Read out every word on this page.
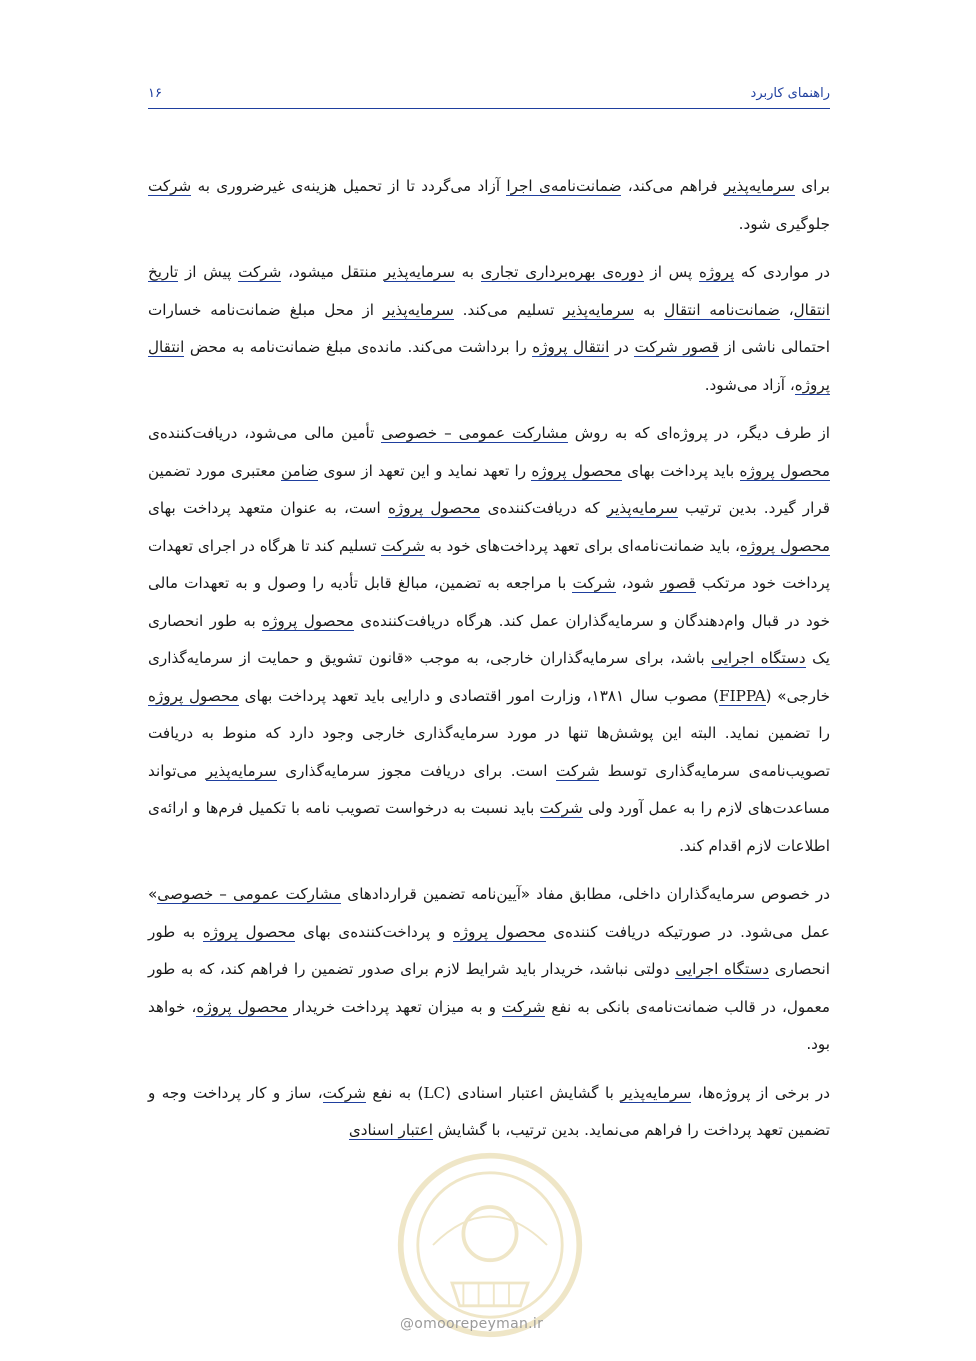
راهنمای کاربرد
۱۶

برای سرمایه‌پذیر فراهم می‌کند، ضمانت‌نامه‌ی اجرا آزاد می‌گردد تا از تحمیل هزینه‌ی غیرضروری به شرکت جلوگیری شود.

در مواردی که پروژه پس از دوره‌ی بهره‌برداری تجاری به سرمایه‌پذیر منتقل میشود، شرکت پیش از تاریخ انتقال، ضمانت‌نامه انتقال به سرمایه‌پذیر تسلیم می‌کند. سرمایه‌پذیر از محل مبلغ ضمانت‌نامه خسارات احتمالی ناشی از قصور شرکت در انتقال پروژه را برداشت می‌کند. مانده‌ی مبلغ ضمانت‌نامه به محض انتقال پروژه، آزاد می‌شود.

از طرف دیگر، در پروژه‌ای که به روش مشارکت عمومی – خصوصی تأمین مالی می‌شود، دریافت‌کننده‌ی محصول پروژه باید پرداخت بهای محصول پروژه را تعهد نماید و این تعهد از سوی ضامن معتبری مورد تضمین قرار گیرد. بدین ترتیب سرمایه‌پذیر که دریافت‌کننده‌ی محصول پروژه است، به عنوان متعهد پرداخت بهای محصول پروژه، باید ضمانت‌نامه‌ای برای تعهد پرداخت‌های خود به شرکت تسلیم کند تا هرگاه در اجرای تعهدات پرداخت خود مرتکب قصور شود، شرکت با مراجعه به تضمین، مبالغ قابل تأدیه را وصول و به تعهدات مالی خود در قبال وام‌دهندگان و سرمایه‌گذاران عمل کند. هرگاه دریافت‌کننده‌ی محصول پروژه به طور انحصاری یک دستگاه اجرایی باشد، برای سرمایه‌گذاران خارجی، به موجب «قانون تشویق و حمایت از سرمایه‌گذاری خارجی» (FIPPA) مصوب سال ۱۳۸۱، وزارت امور اقتصادی و دارایی باید تعهد پرداخت بهای محصول پروژه را تضمین نماید. البته این پوشش‌ها تنها در مورد سرمایه‌گذاری خارجی وجود دارد که منوط به دریافت تصویب‌نامه‌ی سرمایه‌گذاری توسط شرکت است. برای دریافت مجوز سرمایه‌گذاری سرمایه‌پذیر می‌تواند مساعدت‌های لازم را به عمل آورد ولی شرکت باید نسبت به درخواست تصویب نامه با تکمیل فرم‌ها و ارائه‌ی اطلاعات لازم اقدام کند.

در خصوص سرمایه‌گذاران داخلی، مطابق مفاد «آیین‌نامه تضمین قراردادهای مشارکت عمومی – خصوصی» عمل می‌شود. در صورتیکه دریافت کننده‌ی محصول پروژه و پرداخت‌کننده‌ی بهای محصول پروژه به طور انحصاری دستگاه اجرایی دولتی نباشد، خریدار باید شرایط لازم برای صدور تضمین را فراهم کند، که به طور معمول، در قالب ضمانت‌نامه‌ی بانکی به نفع شرکت و به میزان تعهد پرداخت خریدار محصول پروژه، خواهد بود.

در برخی از پروژه‌ها، سرمایه‌پذیر با گشایش اعتبار اسنادی (LC) به نفع شرکت، ساز و کار پرداخت وجه و تضمین تعهد پرداخت را فراهم می‌نماید. بدین ترتیب، با گشایش اعتبار اسنادی

@omoorepeyman.ir
